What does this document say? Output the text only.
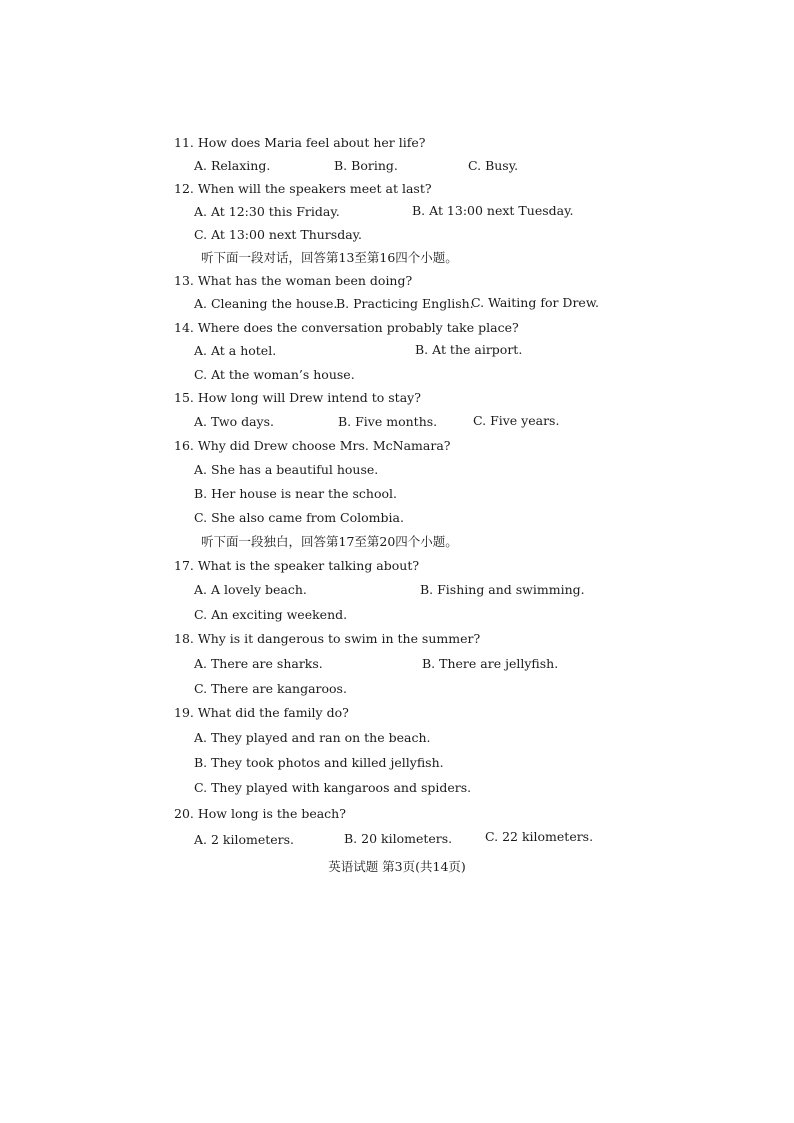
11. How does Maria feel about her life?
A. Relaxing.	B. Boring.	C. Busy.
12. When will the speakers meet at last?
A. At 12:30 this Friday.	B. At 13:00 next Tuesday.
C. At 13:00 next Thursday.
听下面一段对话，回答第13至第16四个小题。
13. What has the woman been doing?
A. Cleaning the house.
B. Practicing English.
C. Waiting for Drew.
14. Where does the conversation probably take place?
A. At a hotel.	B. At the airport.
C. At the woman’s house.
15. How long will Drew intend to stay?
A. Two days.	B. Five months.	C. Five years.
16. Why did Drew choose Mrs. McNamara?
A. She has a beautiful house.
B. Her house is near the school.
C. She also came from Colombia.
听下面一段独白，回答第17至第20四个小题。
17. What is the speaker talking about?
A. A lovely beach.	B. Fishing and swimming.
C. An exciting weekend.
18. Why is it dangerous to swim in the summer?
A. There are sharks.	B. There are jellyfish.
C. There are kangaroos.
19. What did the family do?
A. They played and ran on the beach.
B. They took photos and killed jellyfish.
C. They played with kangaroos and spiders.
20. How long is the beach?
A. 2 kilometers.	B. 20 kilometers.	C. 22 kilometers.
英语试题 第3页(共14页)
